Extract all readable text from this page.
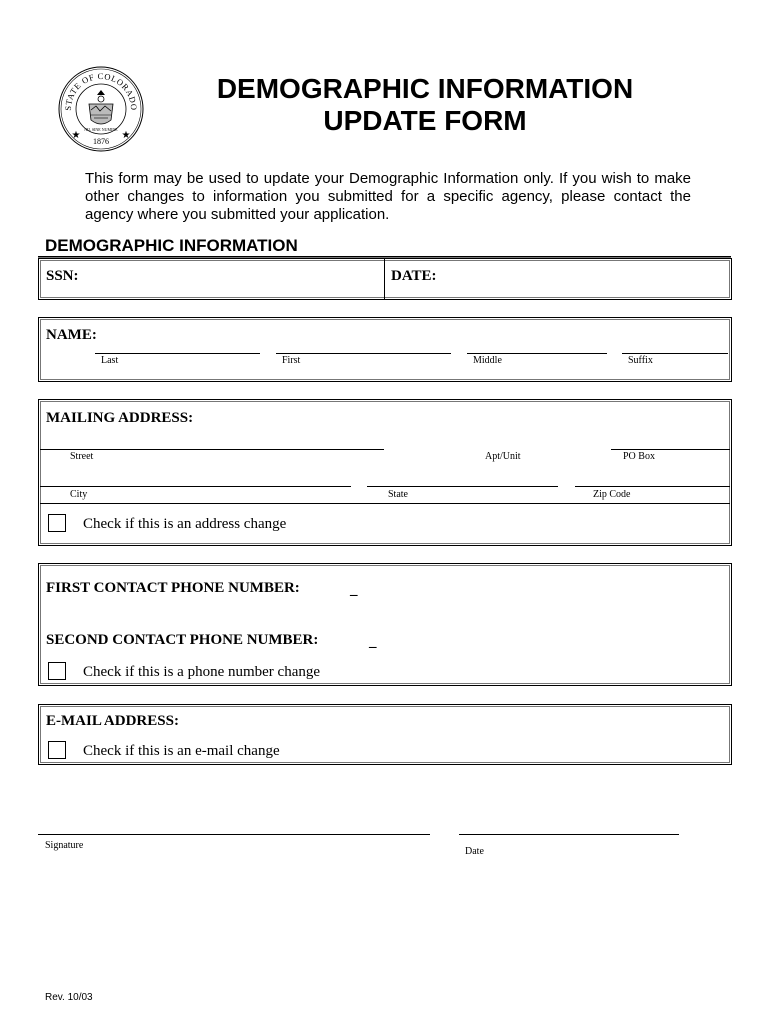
STATE OF COLORADO
1876
★	★
NIL SINE NUMINE
DEMOGRAPHIC INFORMATION
UPDATE FORM
This form may be used to update your Demographic Information only. If you wish to make other changes to information you submitted for a specific agency, please contact the agency where you submitted your application.
DEMOGRAPHIC INFORMATION
SSN:	DATE:
NAME:
Last	First	Middle	Suffix
MAILING ADDRESS:
Street	Apt/Unit	PO Box
City	State	Zip Code
Check if this is an address change
FIRST CONTACT PHONE NUMBER:	_
SECOND CONTACT PHONE NUMBER:	_
Check if this is a phone number change
E-MAIL ADDRESS:
Check if this is an e-mail change
Signature
Date
Rev. 10/03
